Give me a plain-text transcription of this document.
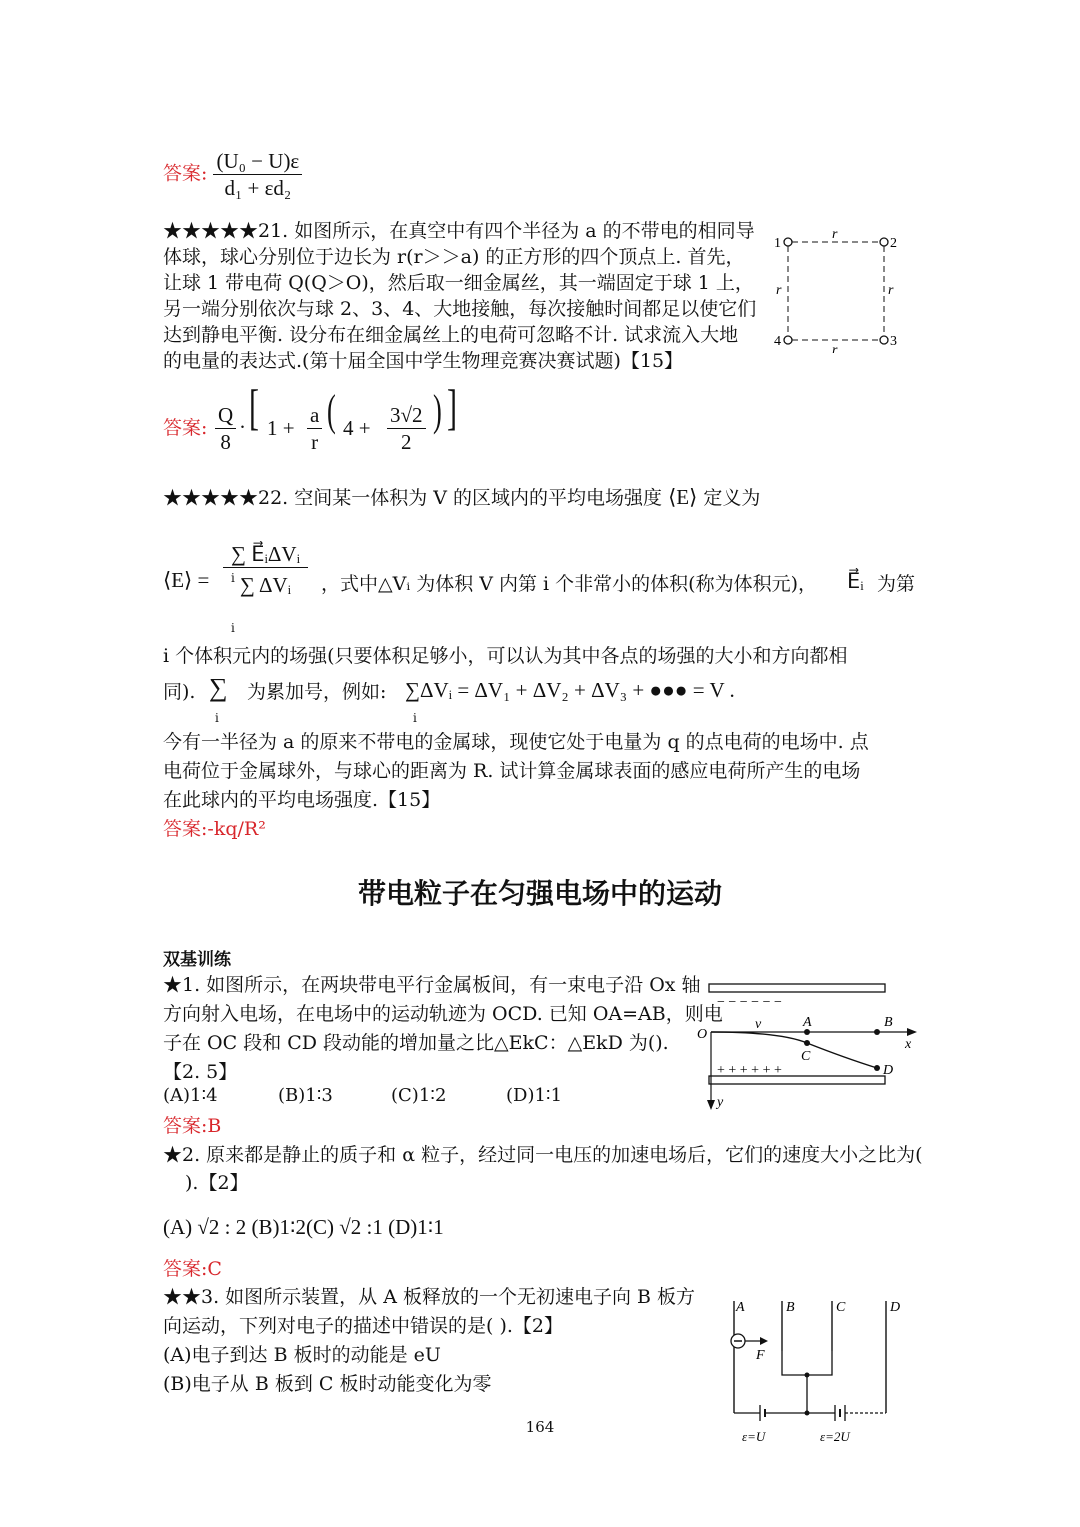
答案: $\frac{\text{(U₀ − U)ε}}{\text{d₁ + εd₂}}$
★★★★★21. 如图所示，在真空中有四个半径为 a 的不带电的相同导
体球，球心分别位于边长为 r(r＞＞a) 的正方形的四个顶点上. 首先，
让球 1 带电荷 Q(Q＞O)，然后取一细金属丝，其一端固定于球 1 上，
另一端分别依次与球 2、3、4、大地接触，每次接触时间都足以使它们
达到静电平衡. 设分布在细金属丝上的电荷可忽略不计. 试求流入大地
的电量的表达式.(第十届全国中学生物理竞赛决赛试题)【15】
1	2
3
4
r
r
r	r
答案: $\frac{Q}{8}$ · [ $1 + \frac{a}{r}$ ( $4 + \frac{3√2}{2}$ ) ]
★★★★★22. 空间某一体积为 V 的区域内的平均电场强度 ⟨E⟩ 定义为
⟨E⟩ =
∑ E⃗ᵢΔVᵢ
∑ ΔVᵢ
i
i
，式中△Vᵢ 为体积 V 内第 i 个非常小的体积(称为体积元)， E⃗ᵢ 为第
i 个体积元内的场强(只要体积足够小，可以认为其中各点的场强的大小和方向都相
同). ∑
i
为累加号，例如: ∑ΔVᵢ = ΔV₁ + ΔV₂ + ΔV₃ + ●●● = V .
i
今有一半径为 a 的原来不带电的金属球，现使它处于电量为 q 的点电荷的电场中. 点
电荷位于金属球外，与球心的距离为 R. 试计算金属球表面的感应电荷所产生的电场
在此球内的平均电场强度.【15】
答案:-kq/R²
带电粒子在匀强电场中的运动
双基训练
★1. 如图所示，在两块带电平行金属板间，有一束电子沿 Ox 轴
方向射入电场，在电场中的运动轨迹为 OCD. 已知 OA=AB，则电
子在 OC 段和 CD 段动能的增加量之比△EkC：△EkD 为().
【2. 5】
(A)1∶4	(B)1∶3	(C)1∶2	(D)1∶1
答案:B
− − − − − −
+ + + + + +
O
v	A	B
C
D
x
y
★2. 原来都是静止的质子和 α 粒子，经过同一电压的加速电场后，它们的速度大小之比为(
).【2】
(A) √2 : 2 (B)1∶2(C) √2 :1 (D)1∶1
答案:C
★★3. 如图所示装置，从 A 板释放的一个无初速电子向 B 板方
向运动，下列对电子的描述中错误的是( ).【2】
(A)电子到达 B 板时的动能是 eU
(B)电子从 B 板到 C 板时动能变化为零
A	B	C	D
F
ε=U	ε=2U
164
